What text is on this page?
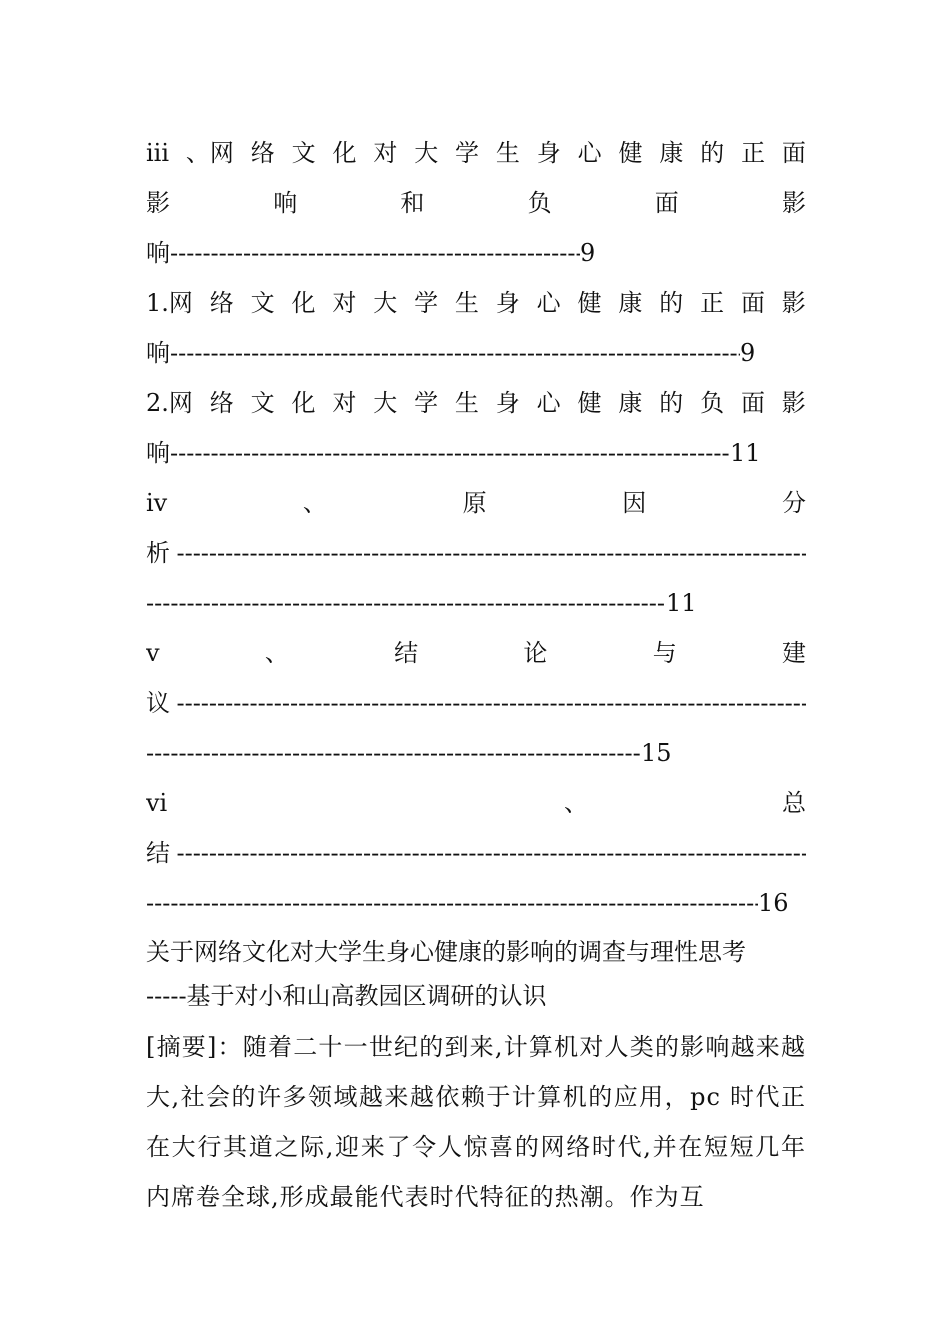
iii 、网 络 文 化 对 大 学 生 身 心 健 康 的 正 面
影	响	和	负	面	影
响 -----	9
1.网 络 文 化 对 大 学 生 身 心 健 康 的 正 面 影
响 -----	9
2.网 络 文 化 对 大 学 生 身 心 健 康 的 负 面 影
响 -----	11
iv	、	原	因	分
析
-----
-----11
v	、	结	论	与	建
议
-----
-----15
vi	、	总
结
-----
-----16
关于网络文化对大学生身心健康的影响的调查与理性思考
-----基于对小和山高教园区调研的认识
[摘要]：随着二十一世纪的到来,计算机对人类的影响越来越大,社会的许多领域越来越依赖于计算机的应用，pc 时代正在大行其道之际,迎来了令人惊喜的网络时代,并在短短几年内席卷全球,形成最能代表时代特征的热潮。作为互
